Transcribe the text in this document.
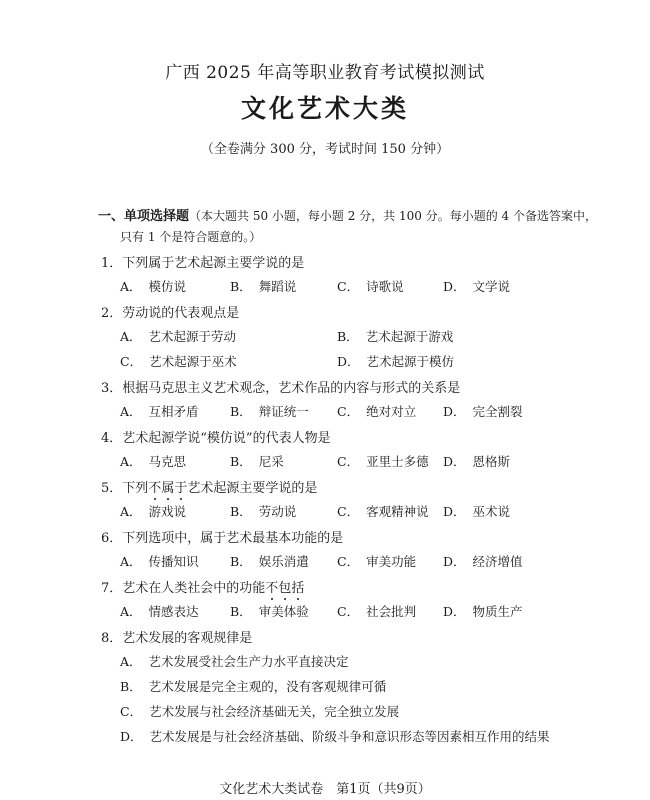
广西 2025 年高等职业教育考试模拟测试
文化艺术大类
（全卷满分 300 分，考试时间 150 分钟）
一、单项选择题（本大题共 50 小题，每小题 2 分，共 100 分。每小题的 4 个备选答案中，
只有 1 个是符合题意的。）
1．下列属于艺术起源主要学说的是
A． 模仿说	B． 舞蹈说	C． 诗歌说	D． 文学说
2．劳动说的代表观点是
A． 艺术起源于劳动	B． 艺术起源于游戏
C． 艺术起源于巫术	D． 艺术起源于模仿
3．根据马克思主义艺术观念，艺术作品的内容与形式的关系是
A． 互相矛盾	B． 辩证统一 C． 绝对对立 D． 完全割裂
4．艺术起源学说“模仿说”的代表人物是
A． 马克思	B． 尼采	C． 亚里士多德 D． 恩格斯
5．下列不属于艺术起源主要学说的是
A． 游戏说	B． 劳动说	C． 客观精神说 D． 巫术说
6．下列选项中，属于艺术最基本功能的是
A． 传播知识	B． 娱乐消遣 C． 审美功能 D． 经济增值
7．艺术在人类社会中的功能不包括
A． 情感表达	B． 审美体验 C． 社会批判 D． 物质生产
8．艺术发展的客观规律是
A． 艺术发展受社会生产力水平直接决定
B． 艺术发展是完全主观的，没有客观规律可循
C． 艺术发展与社会经济基础无关，完全独立发展
D． 艺术发展是与社会经济基础、阶级斗争和意识形态等因素相互作用的结果
文化艺术大类试卷　第1页（共9页）
